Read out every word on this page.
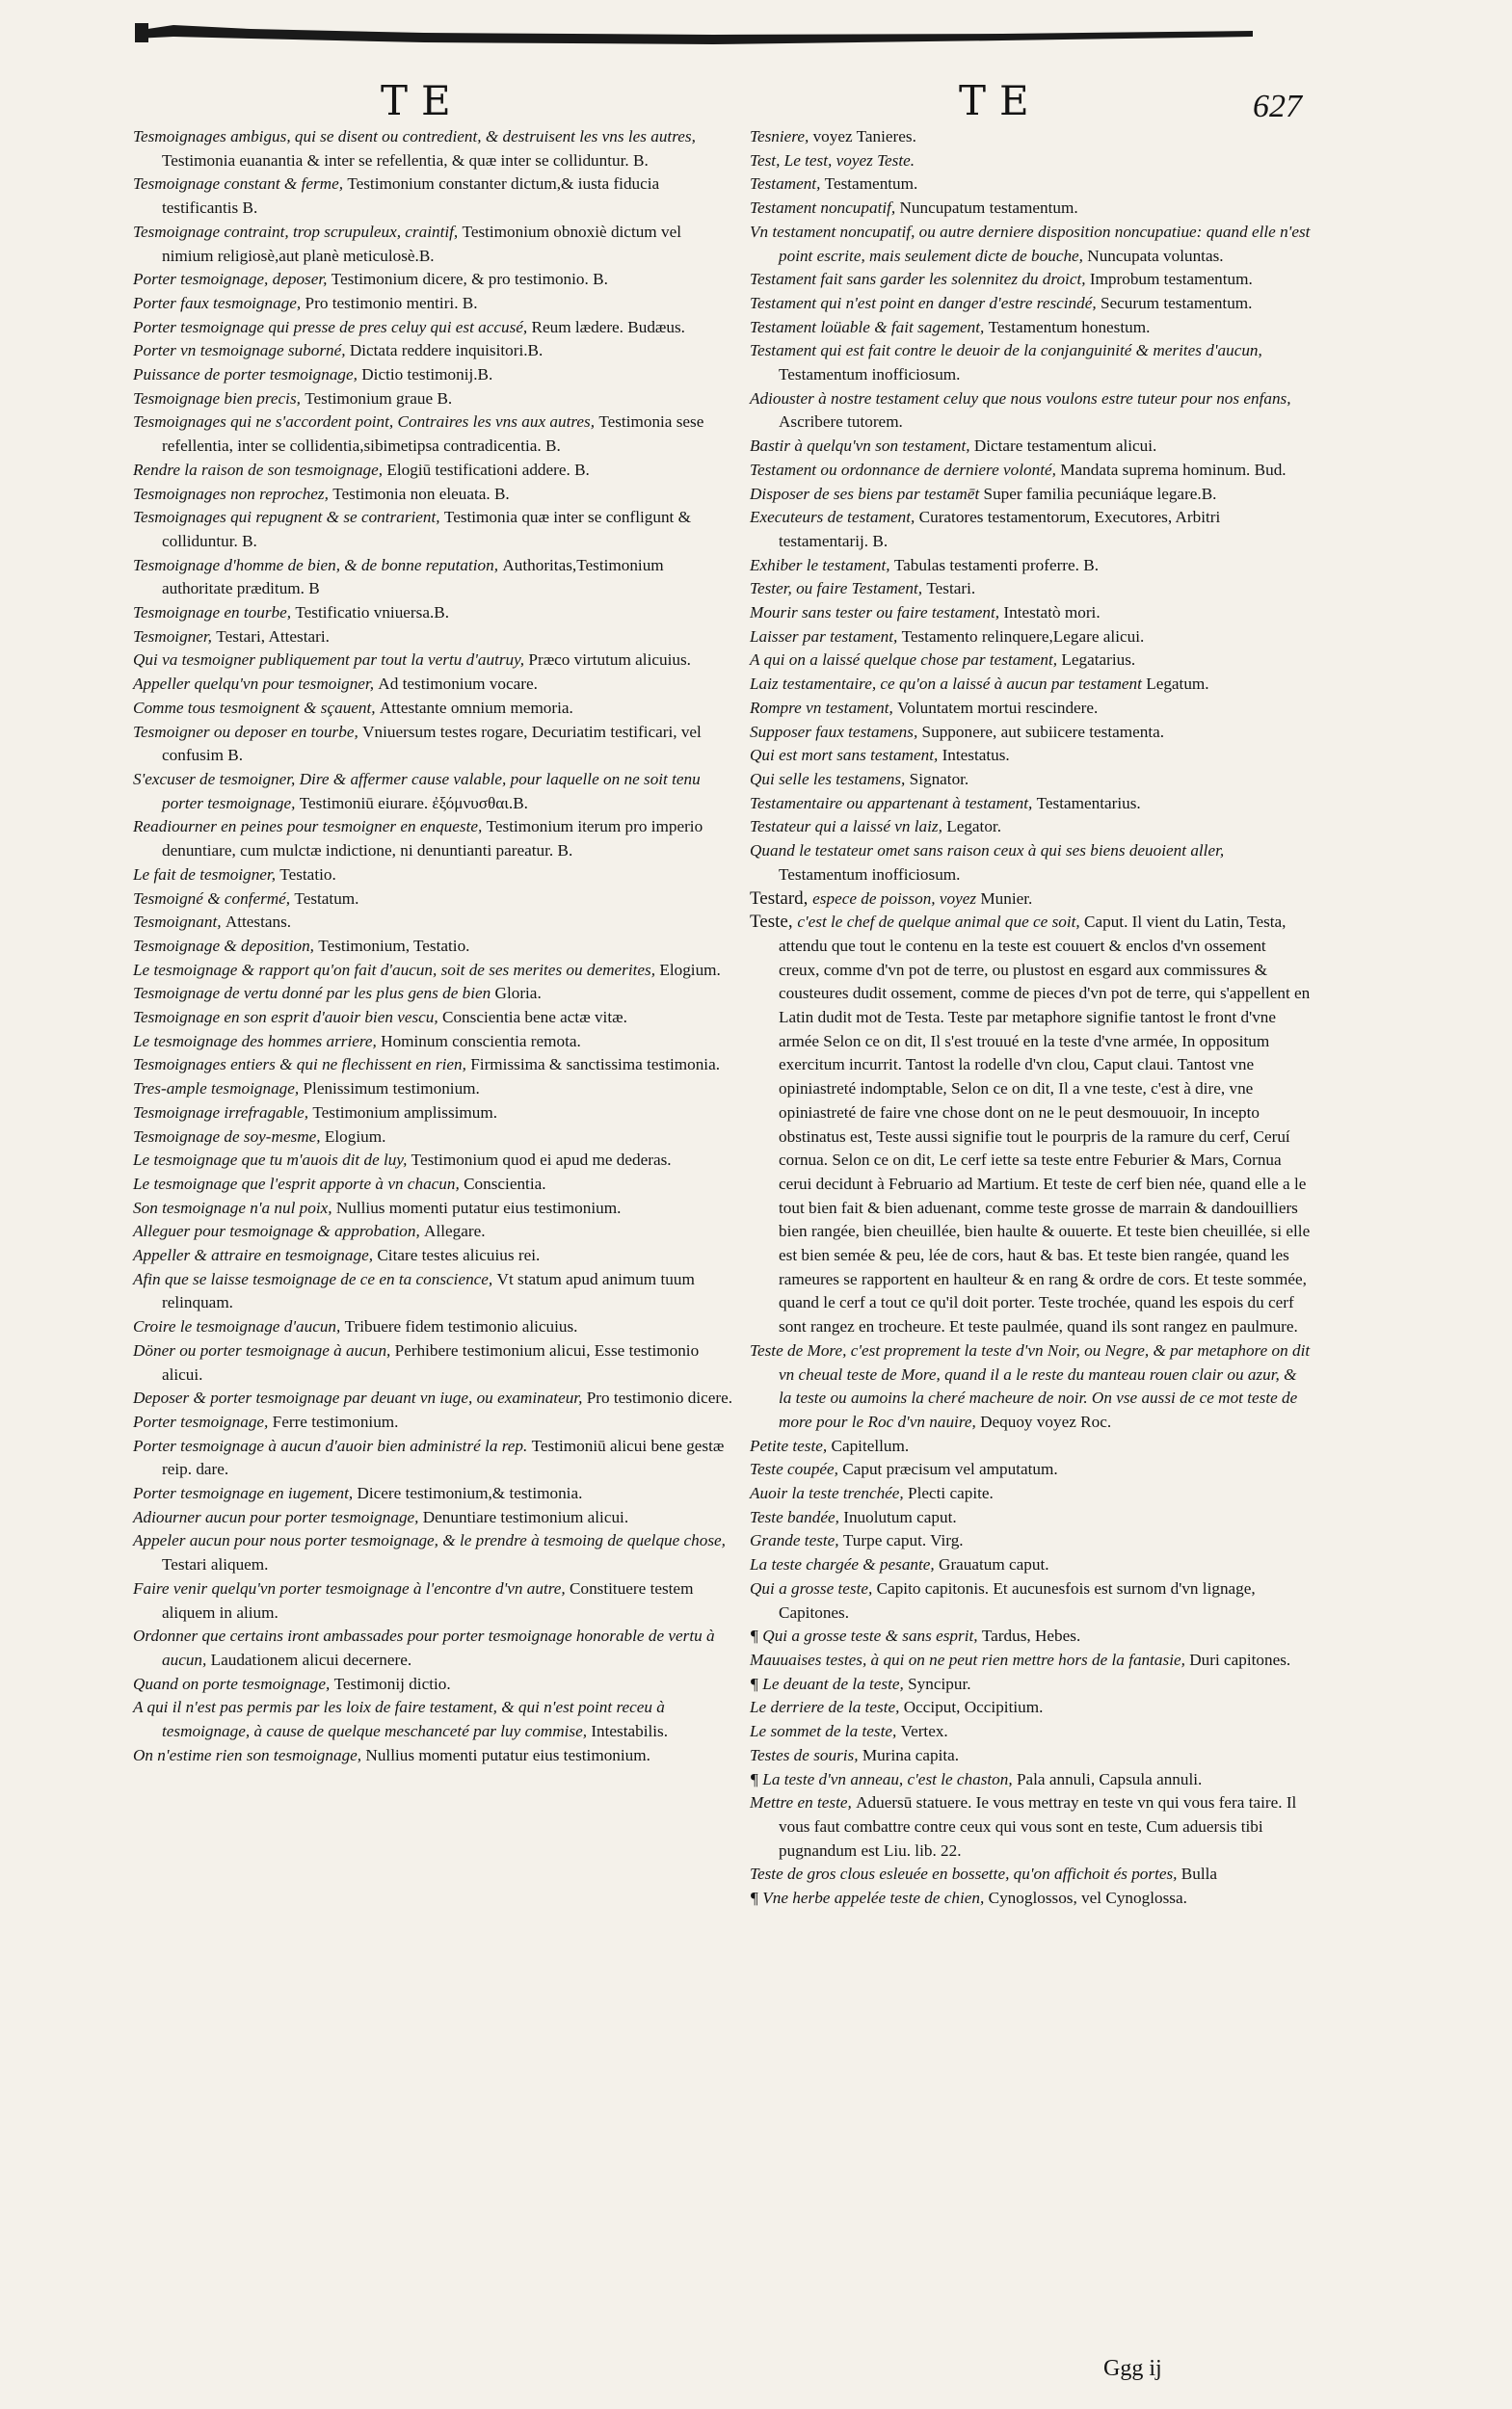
TE	TE	627

Tesmoignages ambigus, qui se disent ou contredient, & destruisent les vns les autres, Testimonia euanantia & inter se refellentia, & quæ inter se colliduntur. B.

Tesmoignage constant & ferme, Testimonium constanter dictum,& iusta fiducia testificantis B.

Tesmoignage contraint, trop scrupuleux, craintif, Testimonium obnoxiè dictum vel nimium religiosè,aut planè meticulosè.B.

Porter tesmoignage, deposer, Testimonium dicere, & pro testimonio. B.

Porter faux tesmoignage, Pro testimonio mentiri. B.

Porter tesmoignage qui presse de pres celuy qui est accusé, Reum lædere. Budæus.

Porter vn tesmoignage suborné, Dictata reddere inquisitori.B.

Puissance de porter tesmoignage, Dictio testimonij.B.

Tesmoignage bien precis, Testimonium graue B.

Tesmoignages qui ne s'accordent point, Contraires les vns aux autres, Testimonia sese refellentia, inter se collidentia,sibimetipsa contradicentia. B.

Rendre la raison de son tesmoignage, Elogiū testificationi addere. B.

Tesmoignages non reprochez, Testimonia non eleuata. B.

Tesmoignages qui repugnent & se contrarient, Testimonia quæ inter se confligunt & colliduntur. B.

Tesmoignage d'homme de bien, & de bonne reputation, Authoritas,Testimonium authoritate præditum. B

Tesmoignage en tourbe, Testificatio vniuersa.B.

Tesmoigner, Testari, Attestari.

Qui va tesmoigner publiquement par tout la vertu d'autruy, Præco virtutum alicuius.

Appeller quelqu'vn pour tesmoigner, Ad testimonium vocare.

Comme tous tesmoignent & sçauent, Attestante omnium memoria.

Tesmoigner ou deposer en tourbe, Vniuersum testes rogare, Decuriatim testificari, vel confusim B.

S'excuser de tesmoigner, Dire & affermer cause valable, pour laquelle on ne soit tenu porter tesmoignage, Testimoniū eiurare. ἐξόμνυσθαι.B.

Readiourner en peines pour tesmoigner en enqueste, Testimonium iterum pro imperio denuntiare, cum mulctæ indictione, ni denuntianti pareatur. B.

Le fait de tesmoigner, Testatio.

Tesmoigné & confermé, Testatum.

Tesmoignant, Attestans.

Tesmoignage & deposition, Testimonium, Testatio.

Le tesmoignage & rapport qu'on fait d'aucun, soit de ses merites ou demerites, Elogium.

Tesmoignage de vertu donné par les plus gens de bien Gloria.

Tesmoignage en son esprit d'auoir bien vescu, Conscientia bene actæ vitæ.

Le tesmoignage des hommes arriere, Hominum conscientia remota.

Tesmoignages entiers & qui ne flechissent en rien, Firmissima & sanctissima testimonia.

Tres-ample tesmoignage, Plenissimum testimonium.

Tesmoignage irrefragable, Testimonium amplissimum.

Tesmoignage de soy-mesme, Elogium.

Le tesmoignage que tu m'auois dit de luy, Testimonium quod ei apud me dederas.

Le tesmoignage que l'esprit apporte à vn chacun, Conscientia.

Son tesmoignage n'a nul poix, Nullius momenti putatur eius testimonium.

Alleguer pour tesmoignage & approbation, Allegare.

Appeller & attraire en tesmoignage, Citare testes alicuius rei.

Afin que se laisse tesmoignage de ce en ta conscience, Vt statum apud animum tuum relinquam.

Croire le tesmoignage d'aucun, Tribuere fidem testimonio alicuius.

Döner ou porter tesmoignage à aucun, Perhibere testimonium alicui, Esse testimonio alicui.

Deposer & porter tesmoignage par deuant vn iuge, ou examinateur, Pro testimonio dicere.

Porter tesmoignage, Ferre testimonium.

Porter tesmoignage à aucun d'auoir bien administré la rep. Testimoniū alicui bene gestæ reip. dare.

Porter tesmoignage en iugement, Dicere testimonium,& testimonia.

Adiourner aucun pour porter tesmoignage, Denuntiare testimonium alicui.

Appeler aucun pour nous porter tesmoignage, & le prendre à tesmoing de quelque chose, Testari aliquem.

Faire venir quelqu'vn porter tesmoignage à l'encontre d'vn autre, Constituere testem aliquem in alium.

Ordonner que certains iront ambassades pour porter tesmoignage honorable de vertu à aucun, Laudationem alicui decernere.

Quand on porte tesmoignage, Testimonij dictio.

A qui il n'est pas permis par les loix de faire testament, & qui n'est point receu à tesmoignage, à cause de quelque meschanceté par luy commise, Intestabilis.

On n'estime rien son tesmoignage, Nullius momenti putatur eius testimonium.

Tesniere, voyez Tanieres.

Test, Le test, voyez Teste.

Testament, Testamentum.

Testament noncupatif, Nuncupatum testamentum.

Vn testament noncupatif, ou autre derniere disposition noncupatiue: quand elle n'est point escrite, mais seulement dicte de bouche, Nuncupata voluntas.

Testament fait sans garder les solennitez du droict, Improbum testamentum.

Testament qui n'est point en danger d'estre rescindé, Securum testamentum.

Testament loüable & fait sagement, Testamentum honestum.

Testament qui est fait contre le deuoir de la conjanguinité & merites d'aucun, Testamentum inofficiosum.

Adiouster à nostre testament celuy que nous voulons estre tuteur pour nos enfans, Ascribere tutorem.

Bastir à quelqu'vn son testament, Dictare testamentum alicui.

Testament ou ordonnance de derniere volonté, Mandata suprema hominum. Bud.

Disposer de ses biens par testamēt Super familia pecuniáque legare.B.

Executeurs de testament, Curatores testamentorum, Executores, Arbitri testamentarij. B.

Exhiber le testament, Tabulas testamenti proferre. B.

Tester, ou faire Testament, Testari.

Mourir sans tester ou faire testament, Intestatò mori.

Laisser par testament, Testamento relinquere,Legare alicui.

A qui on a laissé quelque chose par testament, Legatarius.

Laiz testamentaire, ce qu'on a laissé à aucun par testament Legatum.

Rompre vn testament, Voluntatem mortui rescindere.

Supposer faux testamens, Supponere, aut subiicere testamenta.

Qui est mort sans testament, Intestatus.

Qui selle les testamens, Signator.

Testamentaire ou appartenant à testament, Testamentarius.

Testateur qui a laissé vn laiz, Legator.

Quand le testateur omet sans raison ceux à qui ses biens deuoient aller, Testamentum inofficiosum.

Testard, espece de poisson, voyez Munier.

Teste, c'est le chef de quelque animal que ce soit, Caput. Il vient du Latin, Testa, attendu que tout le contenu en la teste est couuert & enclos d'vn ossement creux, comme d'vn pot de terre, ou plustost en esgard aux commissures & cousteures dudit ossement, comme de pieces d'vn pot de terre, qui s'appellent en Latin dudit mot de Testa. Teste par metaphore signifie tantost le front d'vne armée Selon ce on dit, Il s'est trouué en la teste d'vne armée, In oppositum exercitum incurrit. Tantost la rodelle d'vn clou, Caput claui. Tantost vne opiniastreté indomptable, Selon ce on dit, Il a vne teste, c'est à dire, vne opiniastreté de faire vne chose dont on ne le peut desmouuoir, In incepto obstinatus est, Teste aussi signifie tout le pourpris de la ramure du cerf, Ceruí cornua. Selon ce on dit, Le cerf iette sa teste entre Feburier & Mars, Cornua cerui decidunt à Februario ad Martium. Et teste de cerf bien née, quand elle a le tout bien fait & bien aduenant, comme teste grosse de marrain & dandouilliers bien rangée, bien cheuillée, bien haulte & ouuerte. Et teste bien cheuillée, si elle est bien semée & peu, lée de cors, haut & bas. Et teste bien rangée, quand les rameures se rapportent en haulteur & en rang & ordre de cors. Et teste sommée, quand le cerf a tout ce qu'il doit porter. Teste trochée, quand les espois du cerf sont rangez en trocheure. Et teste paulmée, quand ils sont rangez en paulmure.

Teste de More, c'est proprement la teste d'vn Noir, ou Negre, & par metaphore on dit vn cheual teste de More, quand il a le reste du manteau rouen clair ou azur, & la teste ou aumoins la cheré macheure de noir. On vse aussi de ce mot teste de more pour le Roc d'vn nauire, Dequoy voyez Roc.

Petite teste, Capitellum.

Teste coupée, Caput præcisum vel amputatum.

Auoir la teste trenchée, Plecti capite.

Teste bandée, Inuolutum caput.

Grande teste, Turpe caput. Virg.

La teste chargée & pesante, Grauatum caput.

Qui a grosse teste, Capito capitonis. Et aucunesfois est surnom d'vn lignage, Capitones.

¶ Qui a grosse teste & sans esprit, Tardus, Hebes.

Mauuaises testes, à qui on ne peut rien mettre hors de la fantasie, Duri capitones.

¶ Le deuant de la teste, Syncipur.

Le derriere de la teste, Occiput, Occipitium.

Le sommet de la teste, Vertex.

Testes de souris, Murina capita.

¶ La teste d'vn anneau, c'est le chaston, Pala annuli, Capsula annuli.

Mettre en teste, Aduersū statuere. Ie vous mettray en teste vn qui vous fera taire. Il vous faut combattre contre ceux qui vous sont en teste, Cum aduersis tibi pugnandum est Liu. lib. 22.

Teste de gros clous esleuée en bossette, qu'on affichoit és portes, Bulla

¶ Vne herbe appelée teste de chien, Cynoglossos, vel Cynoglossa.

Ggg ij
